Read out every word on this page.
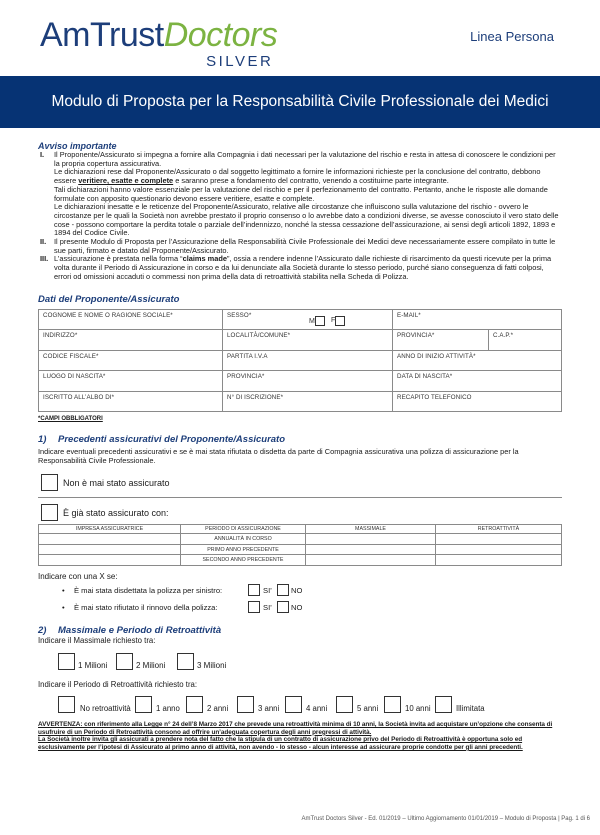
AmTrustDoctors
SILVER
Linea Persona
Modulo di Proposta per la Responsabilità Civile Professionale dei Medici
Avviso importante
I. Il Proponente/Assicurato si impegna a fornire alla Compagnia i dati necessari per la valutazione del rischio e resta in attesa di conoscere le condizioni per la propria copertura assicurativa.
Le dichiarazioni rese dal Proponente/Assicurato o dal soggetto legittimato a fornire le informazioni richieste per la conclusione del contratto, debbono essere veritiere, esatte e complete e saranno prese a fondamento del contratto, venendo a costituirne parte integrante.
Tali dichiarazioni hanno valore essenziale per la valutazione del rischio e per il perfezionamento del contratto. Pertanto, anche le risposte alle domande formulate con apposito questionario devono essere veritiere, esatte e complete.
Le dichiarazioni inesatte e le reticenze del Proponente/Assicurato, relative alle circostanze che influiscono sulla valutazione del rischio - ovvero le circostanze per le quali la Società non avrebbe prestato il proprio consenso o lo avrebbe dato a condizioni diverse, se avesse conosciuto il vero stato delle cose - possono comportare la perdita totale o parziale dell’indennizzo, nonché la stessa cessazione dell’assicurazione, ai sensi degli articoli 1892, 1893 e 1894 del Codice Civile.
II. Il presente Modulo di Proposta per l’Assicurazione della Responsabilità Civile Professionale dei Medici deve necessariamente essere compilato in tutte le sue parti, firmato e datato dal Proponente/Assicurato.
III. L’assicurazione è prestata nella forma “claims made”, ossia a rendere indenne l’Assicurato dalle richieste di risarcimento da questi ricevute per la prima volta durante il Periodo di Assicurazione in corso e da lui denunciate alla Società durante lo stesso periodo, purché siano conseguenza di fatti colposi, errori od omissioni accaduti o commessi non prima della data di retroattività stabilita nella Scheda di Polizza.
Dati del Proponente/Assicurato
COGNOME E NOME O RAGIONE SOCIALE*	SESSO*
M F	E-MAIL*	
INDIRIZZO*	LOCALITÀ/COMUNE*	PROVINCIA*	C.A.P.*
CODICE FISCALE*	PARTITA I.V.A	ANNO DI INIZIO ATTIVITÀ*	
LUOGO DI NASCITA*	PROVINCIA*	DATA DI NASCITA*	
ISCRITTO ALL’ALBO DI*	N° DI ISCRIZIONE*	RECAPITO TELEFONICO	
*CAMPI OBBLIGATORI
1) Precedenti assicurativi del Proponente/Assicurato
Indicare eventuali precedenti assicurativi e se è mai stata rifiutata o disdetta da parte di Compagnia assicurativa una polizza di assicurazione per la Responsabilità Civile Professionale.
Non è mai stato assicurato
È già stato assicurato con:
IMPRESA ASSICURATRICE	PERIODO DI ASSICURAZIONE	MASSIMALE	RETROATTIVITÀ
	ANNUALITÀ IN CORSO		
	PRIMO ANNO PRECEDENTE		
	SECONDO ANNO PRECEDENTE		
Indicare con una X se:
•	È mai stata disdettata la polizza per sinistro:	SI’	NO
•	È mai stato rifiutato il rinnovo della polizza:	SI’	NO
2) Massimale e Periodo di Retroattività
Indicare il Massimale richiesto tra:
1 Milioni	2 Milioni	3 Milioni
Indicare il Periodo di Retroattività richiesto tra:
No retroattività	1 anno	2 anni	3 anni	4 anni	5 anni	10 anni	Illimitata
AVVERTENZA: con riferimento alla Legge n° 24 dell’8 Marzo 2017 che prevede una retroattività minima di 10 anni, la Società invita ad acquistare un’opzione che consenta di usufruire di un Periodo di Retroattività consono ad offrire un’adeguata copertura degli anni pregressi di attività.
La Società inoltre invita gli assicurati a prendere nota del fatto che la stipula di un contratto di assicurazione privo del Periodo di Retroattività è opportuna solo ed esclusivamente per l’ipotesi di Assicurato al primo anno di attività, non avendo - lo stesso - alcun interesse ad assicurare proprie condotte per gli anni precedenti.
AmTrust Doctors Silver - Ed. 01/2019 – Ultimo Aggiornamento 01/01/2019 – Modulo di Proposta | Pag. 1 di 6
